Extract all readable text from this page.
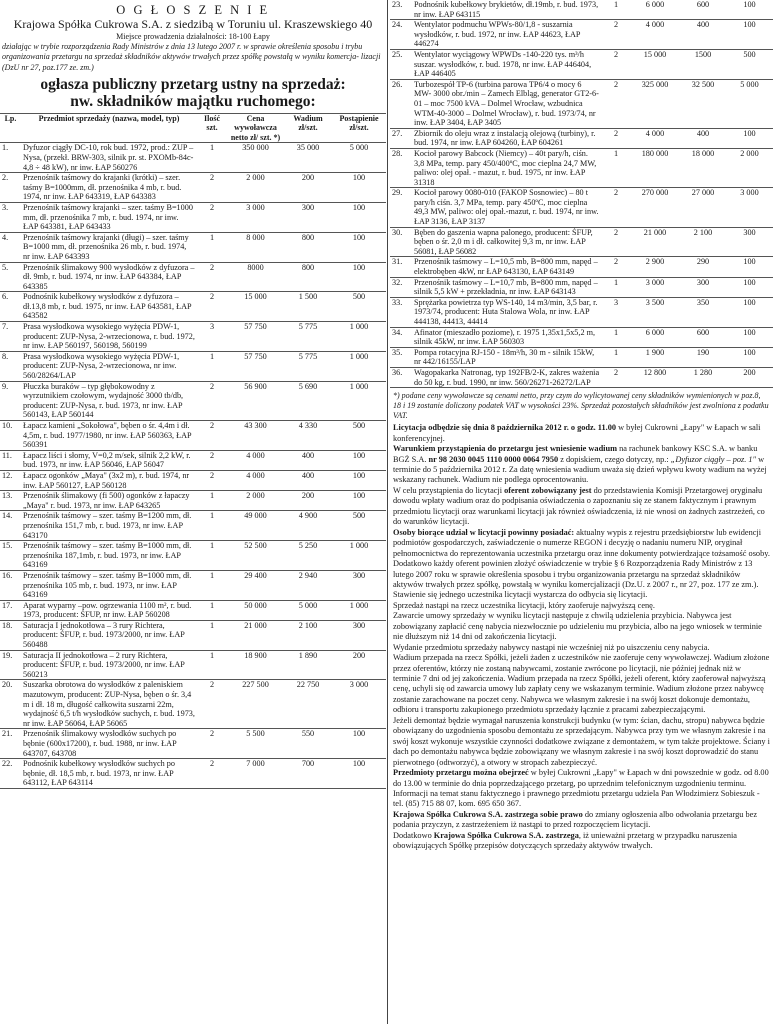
O G Ł O S Z E N I E
Krajowa Spółka Cukrowa S.A. z siedzibą w Toruniu ul. Kraszewskiego 40
Miejsce prowadzenia działalności: 18-100 Łapy
działając w trybie rozporządzenia Rady Ministrów z dnia 13 lutego 2007 r. w sprawie określenia sposobu i trybu organizowania przetargu na sprzedaż składników aktywów trwałych przez spółkę powstałą w wyniku komercja- lizacji (DzU nr 27, poz.177 ze. zm.)
ogłasza publiczny przetarg ustny na sprzedaż:
nw. składników majątku ruchomego:
Lp.	Przedmiot sprzedaży (nazwa, model, typ)	Ilość szt.	Cena wywoławcza netto zł/ szt. *)	Wadium zł/szt.	Postąpienie zł/szt.
1.	Dyfuzor ciągły DC-10, rok bud. 1972, prod.: ZUP – Nysa, (przekł. BRW-303, silnik pr. st. PXOMb-84c-4,8 ÷ 48 kW), nr inw. ŁAP 560276	1	350 000	35 000	5 000
2.	Przenośnik taśmowy do krajanki (krótki) – szer. taśmy B=1000mm, dł. przenośnika 4 mb, r. bud. 1974, nr inw. ŁAP 643319, ŁAP 643383	2	2 000	200	100
3.	Przenośnik taśmowy krajanki – szer. taśmy B=1000 mm, dł. przenośnika 7 mb, r. bud. 1974, nr inw. ŁAP 643381, ŁAP 643433	2	3 000	300	100
4.	Przenośnik taśmowy krajanki (długi) – szer. taśmy B=1000 mm, dł. przenośnika 26 mb, r. bud. 1974, nr inw. ŁAP 643393	1	8 000	800	100
5.	Przenośnik ślimakowy 900 wysłodków z dyfuzora – dł. 9mb, r. bud. 1974, nr inw. ŁAP 643384, ŁAP 643385	2	8000	800	100
6.	Podnośnik kubełkowy wysłodków z dyfuzora – dł.13,8 mb, r. bud. 1975, nr inw. ŁAP 643581, ŁAP 643582	2	15 000	1 500	500
7.	Prasa wysłodkowa wysokiego wyżęcia PDW-1, producent: ZUP-Nysa, 2-wrzecionowa, r. bud. 1972, nr inw. ŁAP 560197, 560198, 560199	3	57 750	5 775	1 000
8.	Prasa wysłodkowa wysokiego wyżęcia PDW-1, producent: ZUP-Nysa, 2-wrzecionowa, nr inw. 560/28264/LAP	1	57 750	5 775	1 000
9.	Płuczka buraków – typ głębokowodny z wyrzutnikiem czołowym, wydajność 3000 tb/db, producent: ZUP-Nysa, r. bud. 1973, nr inw. ŁAP 560143, ŁAP 560144	2	56 900	5 690	1 000
10.	Łapacz kamieni „Sokołowa", bęben o śr. 4,4m i dł. 4,5m, r. bud. 1977/1980, nr inw. ŁAP 560363, ŁAP 560391	2	43 300	4 330	500
11.	Łapacz liści i słomy, V=0,2 m/sek, silnik 2,2 kW, r. bud. 1973, nr inw. ŁAP 56046, ŁAP 56047	2	4 000	400	100
12.	Łapacz ogonków „Maya" (3x2 m), r. bud. 1974, nr inw. ŁAP 560127, ŁAP 560128	2	4 000	400	100
13.	Przenośnik ślimakowy (fi 500) ogonków z łapaczy „Maya" r. bud. 1973, nr inw. ŁAP 643265	1	2 000	200	100
14.	Przenośnik taśmowy – szer. taśmy B=1200 mm, dł. przenośnika 151,7 mb, r. bud. 1973, nr inw. ŁAP 643170	1	49 000	4 900	500
15.	Przenośnik taśmowy – szer. taśmy B=1000 mm, dł. przenośnika 187,1mb, r. bud. 1973, nr inw. ŁAP 643169	1	52 500	5 250	1 000
16.	Przenośnik taśmowy – szer. taśmy B=1000 mm, dł. przenośnika 105 mb, r. bud. 1973, nr inw. ŁAP 643169	1	29 400	2 940	300
17.	Aparat wyparny –pow. ogrzewania 1100 m², r. bud. 1973, producent: ŚFUP, nr inw. ŁAP 560208	1	50 000	5 000	1 000
18.	Saturacja I jednokotłowa – 3 rury Richtera, producent: ŚFUP, r. bud. 1973/2000, nr inw. ŁAP 560488	1	21 000	2 100	300
19.	Saturacja II jednokotłowa – 2 rury Richtera, producent: ŚFUP, r. bud. 1973/2000, nr inw. ŁAP 560213	1	18 900	1 890	200
20.	Suszarka obrotowa do wysłodków z paleniskiem mazutowym, producent: ZUP-Nysa, bęben o śr. 3,4 m i dł. 18 m, długość całkowita suszarni 22m, wydajność 6,5 t/h wysłodków suchych, r. bud. 1973, nr inw. ŁAP 56064, ŁAP 56065	2	227 500	22 750	3 000
21.	Przenośnik ślimakowy wysłodków suchych po bębnie (600x17200), r. bud. 1988, nr inw. ŁAP 643707, 643708	2	5 500	550	100
22.	Podnośnik kubełkowy wysłodków suchych po bębnie, dł. 18,5 mb, r. bud. 1973, nr inw. ŁAP 643112, ŁAP 643114	2	7 000	700	100
23.	Podnośnik kubełkowy brykietów, dł.19mb, r. bud. 1973, nr inw. ŁAP 643115	1	6 000	600	100
24.	Wentylator podmuchu WPWs-80/1,8 - suszarnia wysłodków, r. bud. 1972, nr inw. ŁAP 44623, ŁAP 446274	2	4 000	400	100
25.	Wentylator wyciągowy WPWDs -140-220 tys. m³/h suszar. wysłodków, r. bud. 1978, nr inw. ŁAP 446404, ŁAP 446405	2	15 000	1500	500
26.	Turbozespół TP-6 (turbina parowa TP6/4 o mocy 6 MW- 3000 obr./min – Zamech Elbląg, generator GT2-6-01 – moc 7500 kVA – Dolmel Wrocław, wzbudnica WTM-40-3000 – Dolmel Wrocław), r. bud. 1973/74, nr inw. ŁAP 3404, ŁAP 3405	2	325 000	32 500	5 000
27.	Zbiornik do oleju wraz z instalacją olejową (turbiny), r. bud. 1974, nr inw. ŁAP 604260, ŁAP 604261	2	4 000	400	100
28.	Kocioł parowy Babcock (Niemcy) – 40t pary/h, ciśn. 3,8 MPa, temp. pary 450/400ºC, moc cieplna 24,7 MW, paliwo: olej opał. - mazut, r. bud. 1975, nr inw. ŁAP 31318	1	180 000	18 000	2 000
29.	Kocioł parowy 0080-010 (FAKOP Sosnowiec) – 80 t pary/h ciśn. 3,7 MPa, temp. pary 450ºC, moc cieplna 49,3 MW, paliwo: olej opał.-mazut, r. bud. 1974, nr inw. ŁAP 3136, ŁAP 3137	2	270 000	27 000	3 000
30.	Bęben do gaszenia wapna palonego, producent: ŚFUP, bęben o śr. 2,0 m i dł. całkowitej 9,3 m, nr inw. ŁAP 56081, ŁAP 56082	2	21 000	2 100	300
31.	Przenośnik taśmowy – L=10,5 mb, B=800 mm, napęd – elektrobęben 4kW, nr ŁAP 643130, ŁAP 643149	2	2 900	290	100
32.	Przenośnik taśmowy – L=10,7 mb, B=800 mm, napęd – silnik 5,5 kW + przekładnia, nr inw. ŁAP 643143	1	3 000	300	100
33.	Sprężarka powietrza typ WS-140, 14 m3/min, 3,5 bar, r. 1973/74, producent: Huta Stalowa Wola, nr inw. ŁAP 444138, 44413, 44414	3	3 500	350	100
34.	Afinator (mieszadło poziome), r. 1975 1,35x1,5x5,2 m, silnik 45kW, nr inw. ŁAP 560303	1	6 000	600	100
35.	Pompa rotacyjna RJ-150 - 18m³/h, 30 m - silnik 15kW, nr 442/16155/LAP	1	1 900	190	100
36.	Wagopakarka Natronag, typ 192FB/2-K, zakres ważenia do 50 kg, r. bud. 1990, nr inw. 560/26271-26272/LAP	2	12 800	1 280	200
*) podane ceny wywoławcze są cenami netto, przy czym do wylicytowanej ceny składników wymienionych w poz.8, 18 i 19 zostanie doliczony podatek VAT w wysokości 23%. Sprzedaż pozostałych składników jest zwolniona z podatku VAT.

Licytacja odbędzie się dnia 8 października 2012 r. o godz. 11.00 w byłej Cukrowni „Łapy" w Łapach w sali konferencyjnej.

Warunkiem przystąpienia do przetargu jest wniesienie wadium na rachunek bankowy KSC S.A. w banku BGŻ S.A. nr 98 2030 0045 1110 0000 0064 7950 z dopiskiem, czego dotyczy, np.: „Dyfuzor ciągły – poz. 1" w terminie do 5 października 2012 r. Za datę wniesienia wadium uważa się dzień wpływu kwoty wadium na wyżej wskazany rachunek. Wadium nie podlega oprocentowaniu.

W celu przystąpienia do licytacji oferent zobowiązany jest do przedstawienia Komisji Przetargowej oryginału dowodu wpłaty wadium oraz do podpisania oświadczenia o zapoznaniu się ze stanem faktycznym i prawnym przedmiotu licytacji oraz warunkami licytacji jak również oświadczenia, iż nie wnosi on żadnych zastrzeżeń, co do warunków licytacji.

Osoby biorące udział w licytacji powinny posiadać: aktualny wypis z rejestru przedsiębiorstw lub ewidencji podmiotów gospodarczych, zaświadczenie o numerze REGON i decyzję o nadaniu numeru NIP, oryginał pełnomocnictwa do reprezentowania uczestnika przetargu oraz inne dokumenty potwierdzające tożsamość osoby.

Dodatkowo każdy oferent powinien złożyć oświadczenie w trybie § 6 Rozporządzenia Rady Ministrów z 13 lutego 2007 roku w sprawie określenia sposobu i trybu organizowania przetargu na sprzedaż składników aktywów trwałych przez spółkę, powstałą w wyniku komercjalizacji (Dz.U. z 2007 r., nr 27, poz. 177 ze zm.).

Stawienie się jednego uczestnika licytacji wystarcza do odbycia się licytacji.

Sprzedaż nastąpi na rzecz uczestnika licytacji, który zaoferuje najwyższą cenę.

Zawarcie umowy sprzedaży w wyniku licytacji następuje z chwilą udzielenia przybicia. Nabywca jest zobowiązany zapłacić cenę nabycia niezwłocznie po udzieleniu mu przybicia, albo na jego wniosek w terminie nie dłuższym niż 14 dni od zakończenia licytacji.

Wydanie przedmiotu sprzedaży nabywcy nastąpi nie wcześniej niż po uiszczeniu ceny nabycia.

Wadium przepada na rzecz Spółki, jeżeli żaden z uczestników nie zaoferuje ceny wywoławczej. Wadium złożone przez oferentów, którzy nie zostaną nabywcami, zostanie zwrócone po licytacji, nie później jednak niż w terminie 7 dni od jej zakończenia. Wadium przepada na rzecz Spółki, jeżeli oferent, który zaoferował najwyższą cenę, uchyli się od zawarcia umowy lub zapłaty ceny we wskazanym terminie. Wadium złożone przez nabywcę zostanie zarachowane na poczet ceny. Nabywca we własnym zakresie i na swój koszt dokonuje demontażu, odbioru i transportu zakupionego przedmiotu sprzedaży łącznie z pracami zabezpieczającymi.

Jeżeli demontaż będzie wymagał naruszenia konstrukcji budynku (w tym: ścian, dachu, stropu) nabywca będzie obowiązany do uzgodnienia sposobu demontażu ze sprzedającym. Nabywca przy tym we własnym zakresie i na swój koszt wykonuje wszystkie czynności dodatkowe związane z demontażem, w tym także projektowe. Ściany i dach po demontażu nabywca będzie zobowiązany we własnym zakresie i na swój koszt doprowadzić do stanu pierwotnego (odtworzyć), a otwory w stropach zabezpieczyć.

Przedmioty przetargu można obejrzeć w byłej Cukrowni „Łapy" w Łapach w dni powszednie w godz. od 8.00 do 13.00 w terminie do dnia poprzedzającego przetarg, po uprzednim telefonicznym uzgodnieniu terminu.

Informacji na temat stanu faktycznego i prawnego przedmiotu przetargu udziela Pan Włodzimierz Sobieszuk - tel. (85) 715 88 07, kom. 695 650 367.

Krajowa Spółka Cukrowa S.A. zastrzega sobie prawo do zmiany ogłoszenia albo odwołania przetargu bez podania przyczyn, z zastrzeżeniem iż nastąpi to przed rozpoczęciem licytacji.

Dodatkowo Krajowa Spółka Cukrowa S.A. zastrzega, iż unieważni przetarg w przypadku naruszenia obowiązujących Spółkę przepisów dotyczących sprzedaży aktywów trwałych.
